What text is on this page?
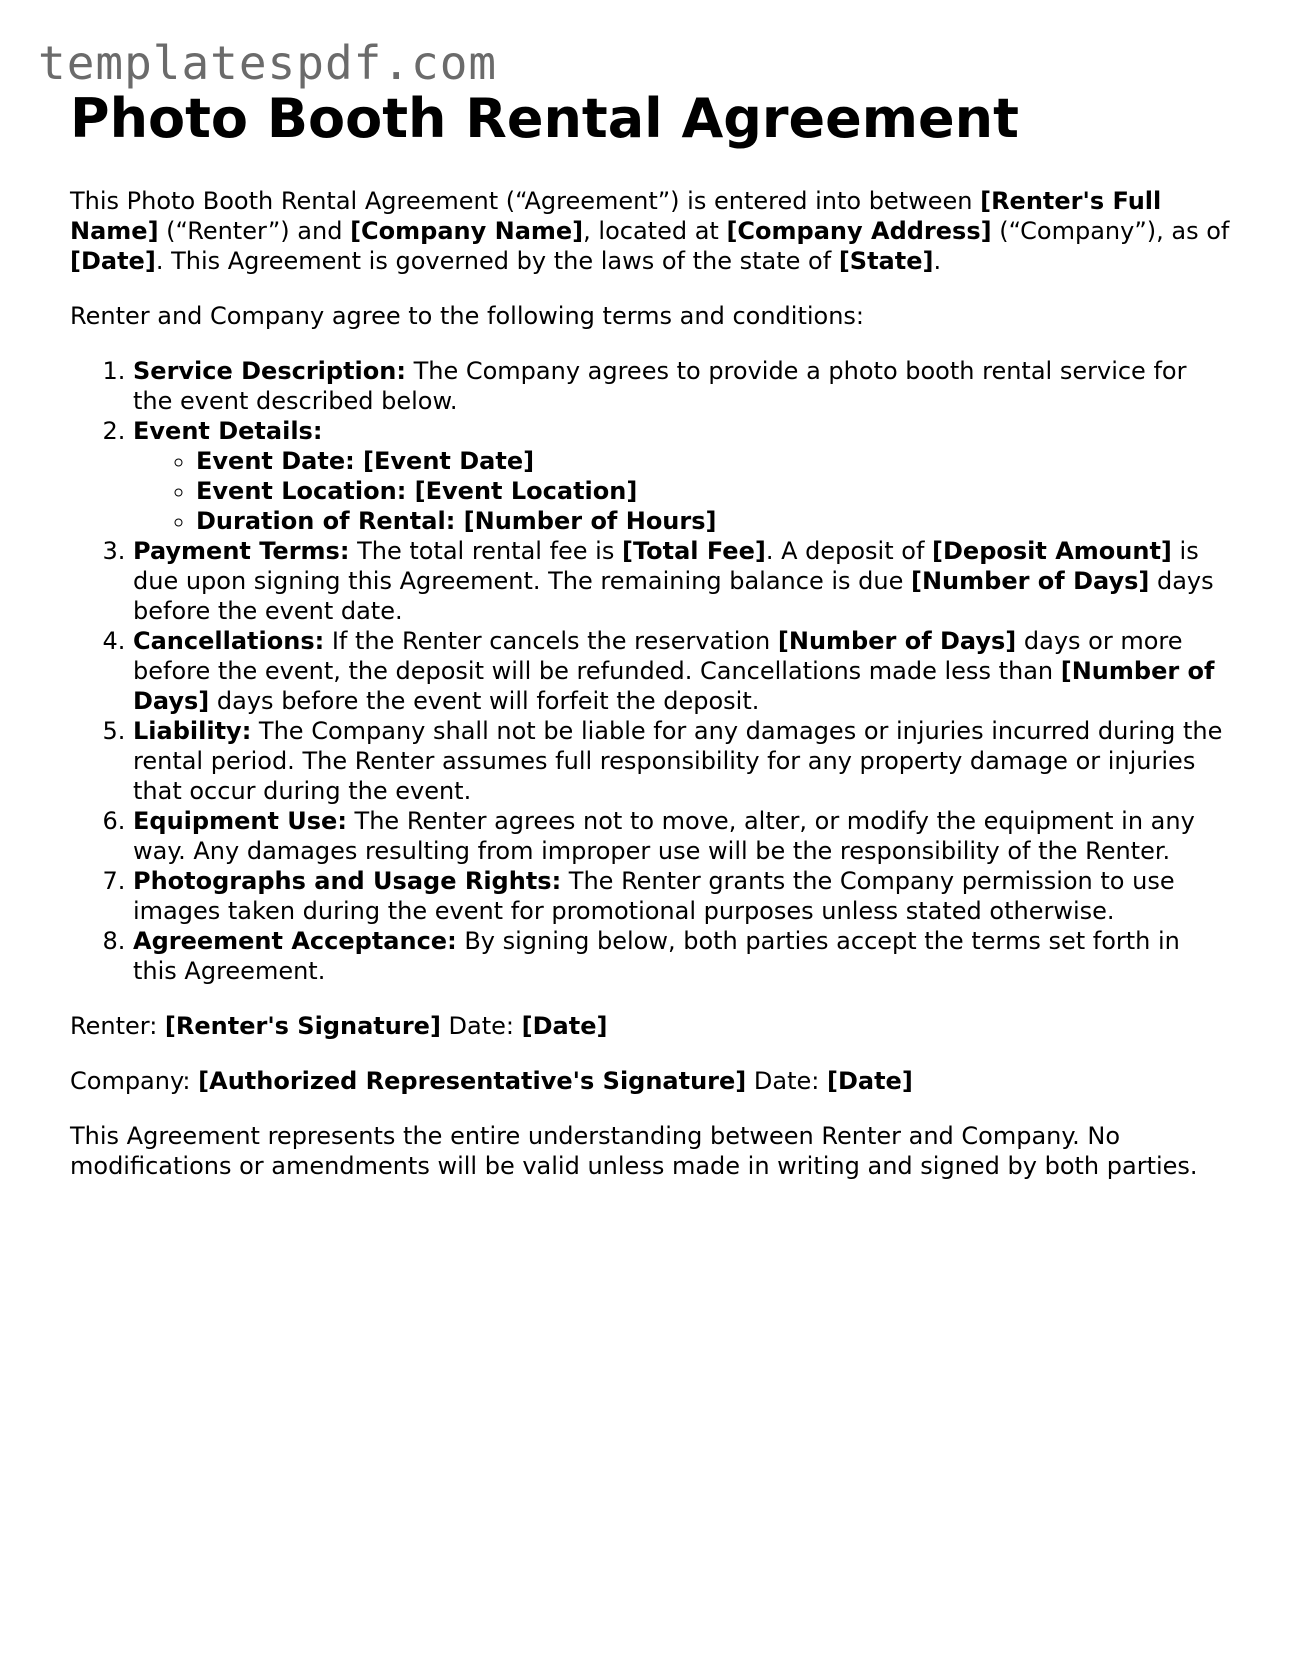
templatespdf.com
Photo Booth Rental Agreement

This Photo Booth Rental Agreement (“Agreement”) is entered into between [Renter's Full Name] (“Renter”) and [Company Name], located at [Company Address] (“Company”), as of [Date]. This Agreement is governed by the laws of the state of [State].

Renter and Company agree to the following terms and conditions:

1. Service Description: The Company agrees to provide a photo booth rental service for the event described below.
2. Event Details:
◦ Event Date: [Event Date]
◦ Event Location: [Event Location]
◦ Duration of Rental: [Number of Hours]
3. Payment Terms: The total rental fee is [Total Fee]. A deposit of [Deposit Amount] is due upon signing this Agreement. The remaining balance is due [Number of Days] days before the event date.
4. Cancellations: If the Renter cancels the reservation [Number of Days] days or more before the event, the deposit will be refunded. Cancellations made less than [Number of Days] days before the event will forfeit the deposit.
5. Liability: The Company shall not be liable for any damages or injuries incurred during the rental period. The Renter assumes full responsibility for any property damage or injuries that occur during the event.
6. Equipment Use: The Renter agrees not to move, alter, or modify the equipment in any way. Any damages resulting from improper use will be the responsibility of the Renter.
7. Photographs and Usage Rights: The Renter grants the Company permission to use images taken during the event for promotional purposes unless stated otherwise.
8. Agreement Acceptance: By signing below, both parties accept the terms set forth in this Agreement.

Renter: [Renter's Signature] Date: [Date]

Company: [Authorized Representative's Signature] Date: [Date]

This Agreement represents the entire understanding between Renter and Company. No modifications or amendments will be valid unless made in writing and signed by both parties.
